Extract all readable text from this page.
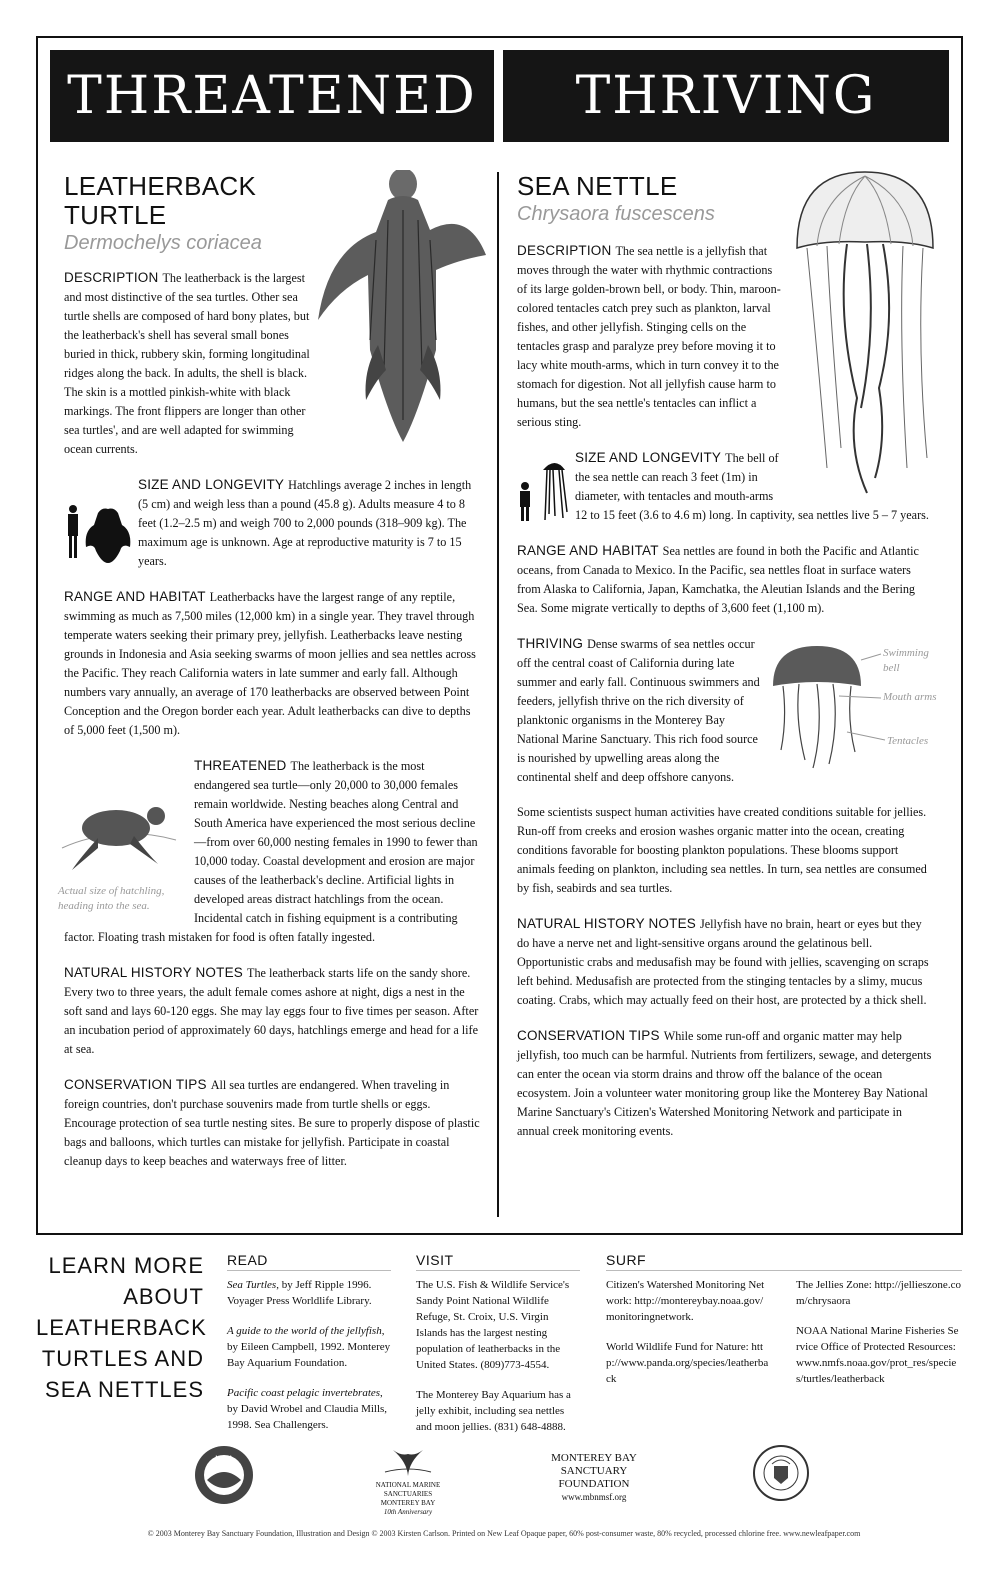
THREATENED	THRIVING
LEATHERBACK TURTLE
Dermochelys coriacea

DESCRIPTION The leatherback is the largest and most distinctive of the sea turtles. Other sea turtle shells are composed of hard bony plates, but the leatherback's shell has several small bones buried in thick, rubbery skin, forming longitudinal ridges along the back. In adults, the shell is black. The skin is a mottled pinkish-white with black markings. The front flippers are longer than other sea turtles', and are well adapted for swimming ocean currents.

SIZE AND LONGEVITY Hatchlings average 2 inches in length (5 cm) and weigh less than a pound (45.8 g). Adults measure 4 to 8 feet (1.2–2.5 m) and weigh 700 to 2,000 pounds (318–909 kg). The maximum age is unknown. Age at reproductive maturity is 7 to 15 years.

RANGE AND HABITAT Leatherbacks have the largest range of any reptile, swimming as much as 7,500 miles (12,000 km) in a single year. They travel through temperate waters seeking their primary prey, jellyfish. Leatherbacks leave nesting grounds in Indonesia and Asia seeking swarms of moon jellies and sea nettles across the Pacific. They reach California waters in late summer and early fall. Although numbers vary annually, an average of 170 leatherbacks are observed between Point Conception and the Oregon border each year. Adult leatherbacks can dive to depths of 5,000 feet (1,500 m).

Actual size of hatchling, heading into the sea.
THREATENED The leatherback is the most endangered sea turtle—only 20,000 to 30,000 females remain worldwide. Nesting beaches along Central and South America have experienced the most serious decline—from over 60,000 nesting females in 1990 to fewer than 10,000 today. Coastal development and erosion are major causes of the leatherback's decline. Artificial lights in developed areas distract hatchlings from the ocean. Incidental catch in fishing equipment is a contributing factor. Floating trash mistaken for food is often fatally ingested.

NATURAL HISTORY NOTES The leatherback starts life on the sandy shore. Every two to three years, the adult female comes ashore at night, digs a nest in the soft sand and lays 60-120 eggs. She may lay eggs four to five times per season. After an incubation period of approximately 60 days, hatchlings emerge and head for a life at sea.

CONSERVATION TIPS All sea turtles are endangered. When traveling in foreign countries, don't purchase souvenirs made from turtle shells or eggs. Encourage protection of sea turtle nesting sites. Be sure to properly dispose of plastic bags and balloons, which turtles can mistake for jellyfish. Participate in coastal cleanup days to keep beaches and waterways free of litter.

SEA NETTLE
Chrysaora fuscescens

DESCRIPTION The sea nettle is a jellyfish that moves through the water with rhythmic contractions of its large golden-brown bell, or body. Thin, maroon-colored tentacles catch prey such as plankton, larval fishes, and other jellyfish. Stinging cells on the tentacles grasp and paralyze prey before moving it to lacy white mouth-arms, which in turn convey it to the stomach for digestion. Not all jellyfish cause harm to humans, but the sea nettle's tentacles can inflict a serious sting.

SIZE AND LONGEVITY The bell of the sea nettle can reach 3 feet (1m) in diameter, with tentacles and mouth-arms 12 to 15 feet (3.6 to 4.6 m) long. In captivity, sea nettles live 5 – 7 years.

RANGE AND HABITAT Sea nettles are found in both the Pacific and Atlantic oceans, from Canada to Mexico. In the Pacific, sea nettles float in surface waters from Alaska to California, Japan, Kamchatka, the Aleutian Islands and the Bering Sea. Some migrate vertically to depths of 3,600 feet (1,100 m).

Swimming bell
Mouth arms
Tentacles
THRIVING Dense swarms of sea nettles occur off the central coast of California during late summer and early fall. Continuous swimmers and feeders, jellyfish thrive on the rich diversity of planktonic organisms in the Monterey Bay National Marine Sanctuary. This rich food source is nourished by upwelling areas along the continental shelf and deep offshore canyons.

Some scientists suspect human activities have created conditions suitable for jellies. Run-off from creeks and erosion washes organic matter into the ocean, creating conditions favorable for boosting plankton populations. These blooms support animals feeding on plankton, including sea nettles. In turn, sea nettles are consumed by fish, seabirds and sea turtles.

NATURAL HISTORY NOTES Jellyfish have no brain, heart or eyes but they do have a nerve net and light-sensitive organs around the gelatinous bell. Opportunistic crabs and medusafish may be found with jellies, scavenging on scraps left behind. Medusafish are protected from the stinging tentacles by a slimy, mucus coating. Crabs, which may actually feed on their host, are protected by a thick shell.

CONSERVATION TIPS While some run-off and organic matter may help jellyfish, too much can be harmful. Nutrients from fertilizers, sewage, and detergents can enter the ocean via storm drains and throw off the balance of the ocean ecosystem. Join a volunteer water monitoring group like the Monterey Bay National Marine Sanctuary's Citizen's Watershed Monitoring Network and participate in annual creek monitoring events.

LEARN MORE
ABOUT
LEATHERBACK
TURTLES AND
SEA NETTLES
READ

Sea Turtles, by Jeff Ripple 1996. Voyager Press Worldlife Library.

A guide to the world of the jellyfish, by Eileen Campbell, 1992. Monterey Bay Aquarium Foundation.

Pacific coast pelagic invertebrates, by David Wrobel and Claudia Mills, 1998. Sea Challengers.

VISIT

The U.S. Fish & Wildlife Service's Sandy Point National Wildlife Refuge, St. Croix, U.S. Virgin Islands has the largest nesting population of leatherbacks in the United States. (809)773-4554.

The Monterey Bay Aquarium has a jelly exhibit, including sea nettles and moon jellies. (831) 648-4888.

SURF

Citizen's Watershed Monitoring Network: http://montereybay.noaa.gov/monitoringnetwork.

World Wildlife Fund for Nature: http://www.panda.org/species/leatherback

The Jellies Zone: http://jellieszone.com/chrysaora

NOAA National Marine Fisheries Service Office of Protected Resources: www.nmfs.noaa.gov/prot_res/species/turtles/leatherback

NOAA
NATIONAL MARINE
SANCTUARIES
MONTEREY BAY
10th Anniversary
MONTEREY BAY
SANCTUARY
FOUNDATION
www.mbnmsf.org
© 2003 Monterey Bay Sanctuary Foundation, Illustration and Design © 2003 Kirsten Carlson. Printed on New Leaf Opaque paper, 60% post-consumer waste, 80% recycled, processed chlorine free. www.newleafpaper.com
